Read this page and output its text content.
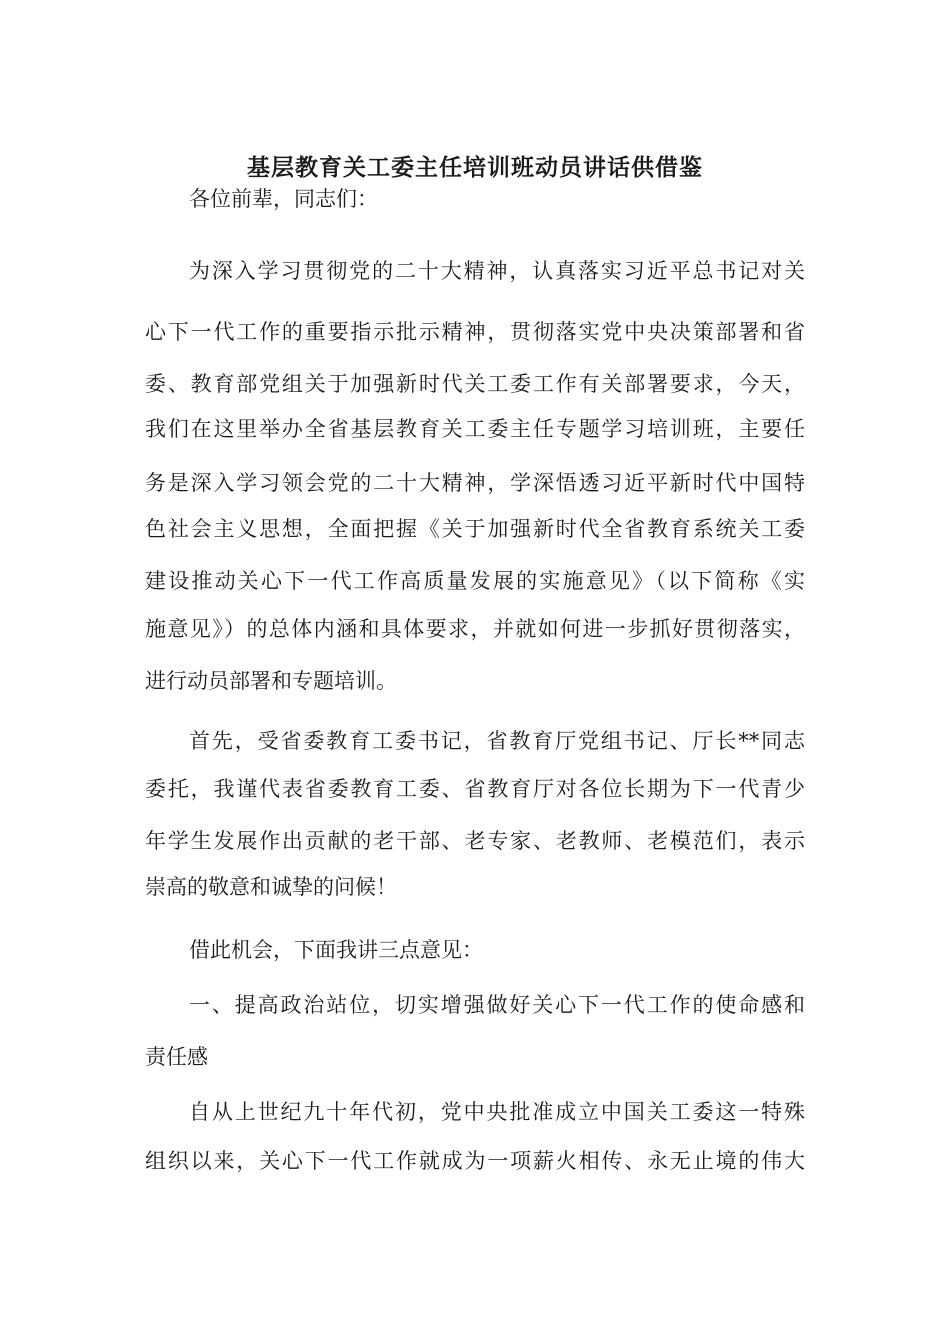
基层教育关工委主任培训班动员讲话供借鉴

各位前辈，同志们：

为深入学习贯彻党的二十大精神，认真落实习近平总书记对关

心下一代工作的重要指示批示精神，贯彻落实党中央决策部署和省

委、教育部党组关于加强新时代关工委工作有关部署要求，今天，

我们在这里举办全省基层教育关工委主任专题学习培训班，主要任

务是深入学习领会党的二十大精神，学深悟透习近平新时代中国特

色社会主义思想，全面把握《关于加强新时代全省教育系统关工委

建设推动关心下一代工作高质量发展的实施意见》（以下简称《实

施意见》）的总体内涵和具体要求，并就如何进一步抓好贯彻落实，

进行动员部署和专题培训。

首先，受省委教育工委书记，省教育厅党组书记、厅长**同志

委托，我谨代表省委教育工委、省教育厅对各位长期为下一代青少

年学生发展作出贡献的老干部、老专家、老教师、老模范们，表示

崇高的敬意和诚挚的问候！

借此机会，下面我讲三点意见：

一、提高政治站位，切实增强做好关心下一代工作的使命感和

责任感

自从上世纪九十年代初，党中央批准成立中国关工委这一特殊

组织以来，关心下一代工作就成为一项薪火相传、永无止境的伟大
